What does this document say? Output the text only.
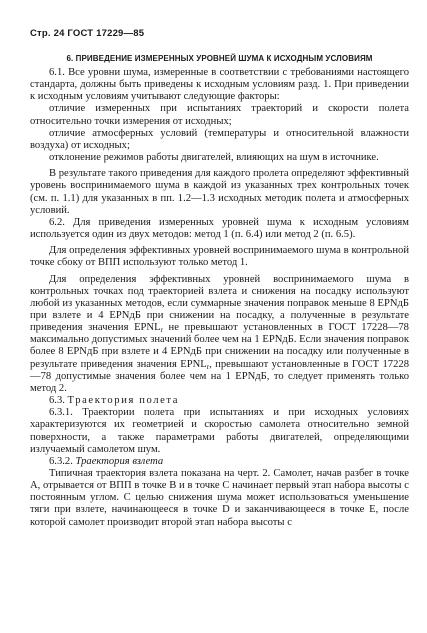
Стр. 24 ГОСТ 17229—85
6. ПРИВЕДЕНИЕ ИЗМЕРЕННЫХ УРОВНЕЙ ШУМА К ИСХОДНЫМ УСЛОВИЯМ

6.1. Все уровни шума, измеренные в соответствии с требованиями настоящего стандарта, должны быть приведены к исходным условиям разд. 1. При приведении к исходным условиям учитывают следующие факторы:

отличие измеренных при испытаниях траекторий и скорости полета относительно точки измерения от исходных;

отличие атмосферных условий (температуры и относительной влажности воздуха) от исходных;

отклонение режимов работы двигателей, влияющих на шум в источнике.

В результате такого приведения для каждого пролета определяют эффективный уровень воспринимаемого шума в каждой из указанных трех контрольных точек (см. п. 1.1) для указанных в пп. 1.2—1.3 исходных методик полета и атмосферных условий.

6.2. Для приведения измеренных уровней шума к исходным условиям используется один из двух методов: метод 1 (п. 6.4) или метод 2 (п. 6.5).

Для определения эффективных уровней воспринимаемого шума в контрольной точке сбоку от ВПП используют только метод 1.

Для определения эффективных уровней воспринимаемого шума в контрольных точках под траекторией взлета и снижения на посадку используют любой из указанных методов, если суммарные значения поправок меньше 8 EPNдБ при взлете и 4 EPNдБ при снижении на посадку, а полученные в результате приведения значения $EPNL_r$ не превышают установленных в ГОСТ 17228—78 максимально допустимых значений более чем на 1 EPNдБ. Если значения поправок более 8 EPNдБ при взлете и 4 EPNдБ при снижении на посадку или полученные в результате приведения значения $EPNL_r$, превышают установленные в ГОСТ 17228—78 допустимые значения более чем на 1 EPNдБ, то следует применять только метод 2.

6.3. Траектория полета

6.3.1. Траектории полета при испытаниях и при исходных условиях характеризуются их геометрией и скоростью самолета относительно земной поверхности, а также параметрами работы двигателей, определяющими излучаемый самолетом шум.

6.3.2. Траектория взлета

Типичная траектория взлета показана на черт. 2. Самолет, начав разбег в точке A, отрывается от ВПП в точке B и в точке C начинает первый этап набора высоты с постоянным углом. С целью снижения шума может использоваться уменьшение тяги при взлете, начинающееся в точке D и заканчивающееся в точке E, после которой самолет производит второй этап набора высоты с
